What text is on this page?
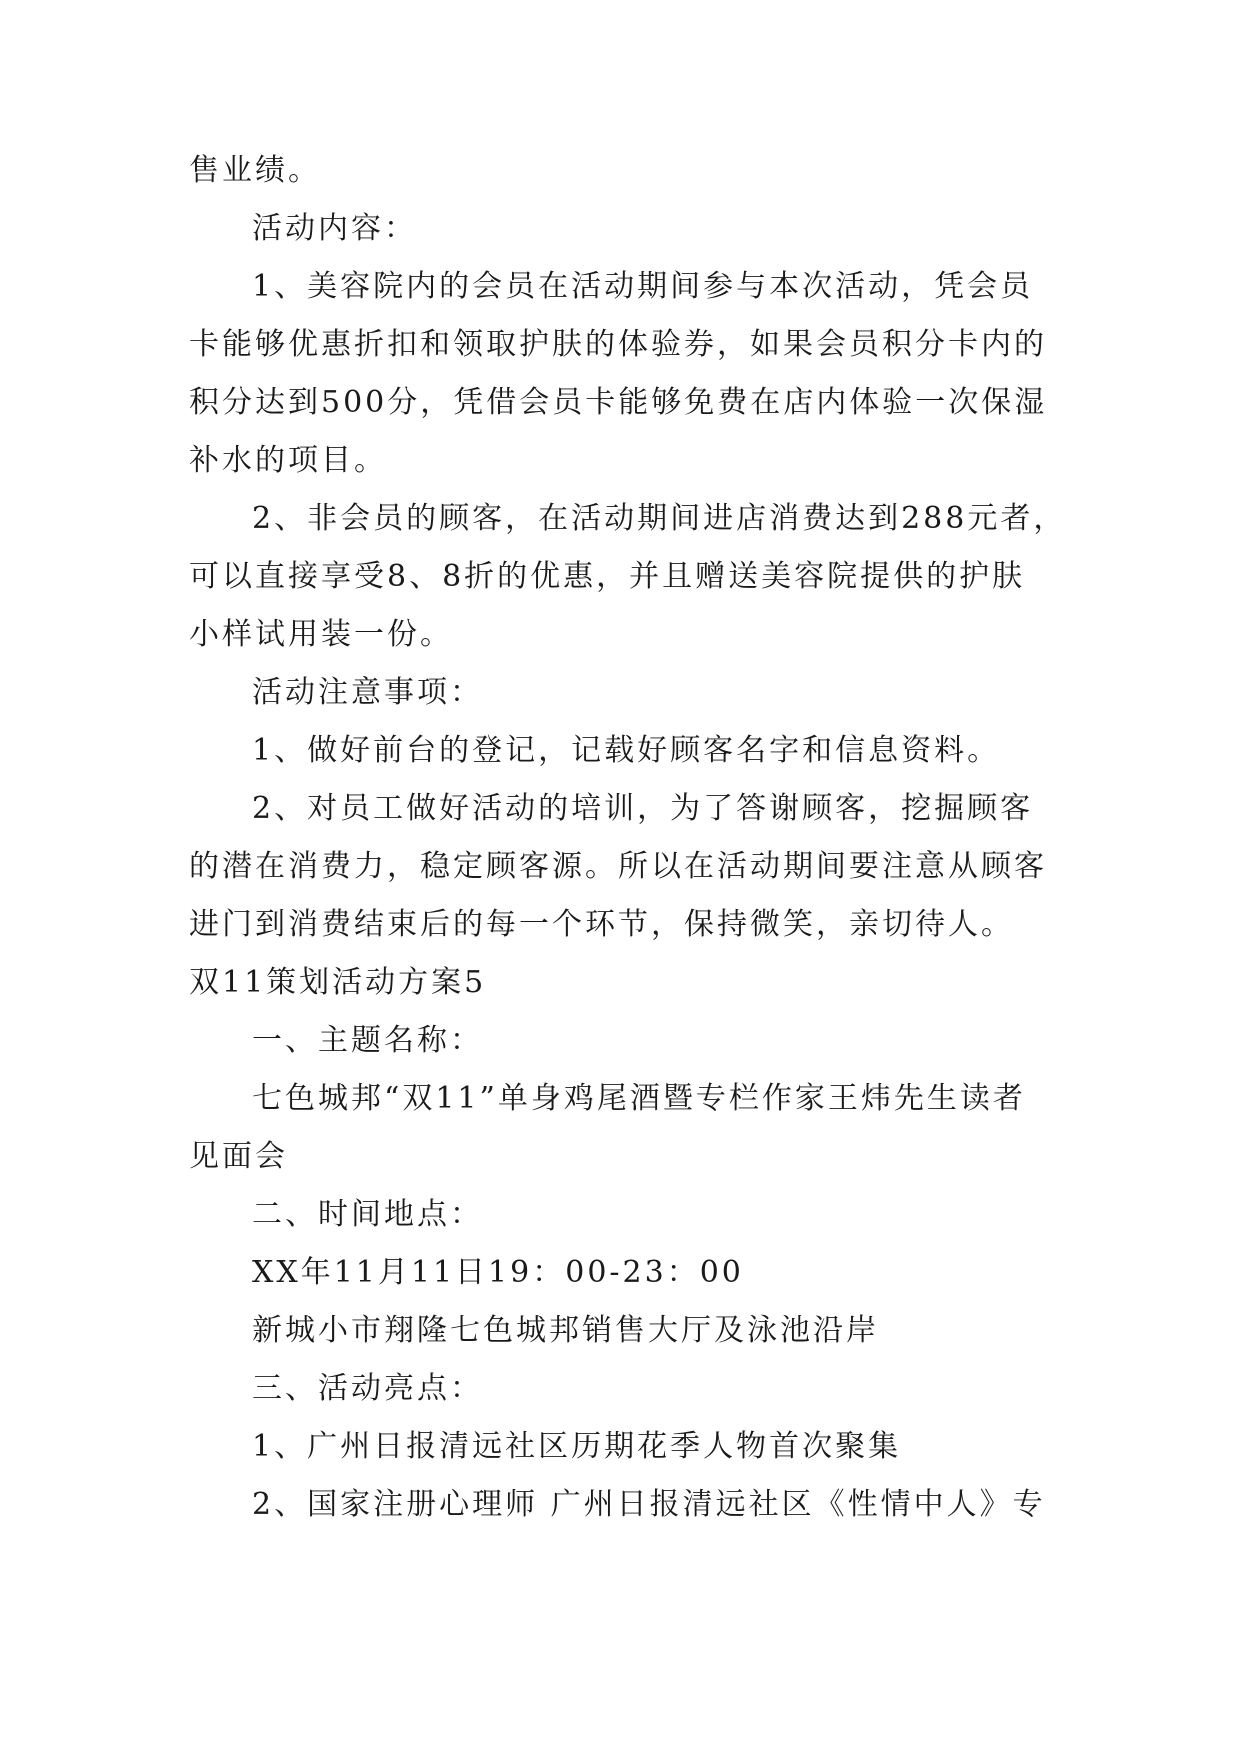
售业绩。
活动内容：
1、美容院内的会员在活动期间参与本次活动，凭会员
卡能够优惠折扣和领取护肤的体验券，如果会员积分卡内的
积分达到500分，凭借会员卡能够免费在店内体验一次保湿
补水的项目。
2、非会员的顾客，在活动期间进店消费达到288元者，
可以直接享受8、8折的优惠，并且赠送美容院提供的护肤
小样试用装一份。
活动注意事项：
1、做好前台的登记，记载好顾客名字和信息资料。
2、对员工做好活动的培训，为了答谢顾客，挖掘顾客
的潜在消费力，稳定顾客源。所以在活动期间要注意从顾客
进门到消费结束后的每一个环节，保持微笑，亲切待人。
双11策划活动方案5
一、主题名称：
七色城邦“双11”单身鸡尾酒暨专栏作家王炜先生读者
见面会
二、时间地点：
XX年11月11日19：00-23：00
新城小市翔隆七色城邦销售大厅及泳池沿岸
三、活动亮点：
1、广州日报清远社区历期花季人物首次聚集
2、国家注册心理师 广州日报清远社区《性情中人》专
